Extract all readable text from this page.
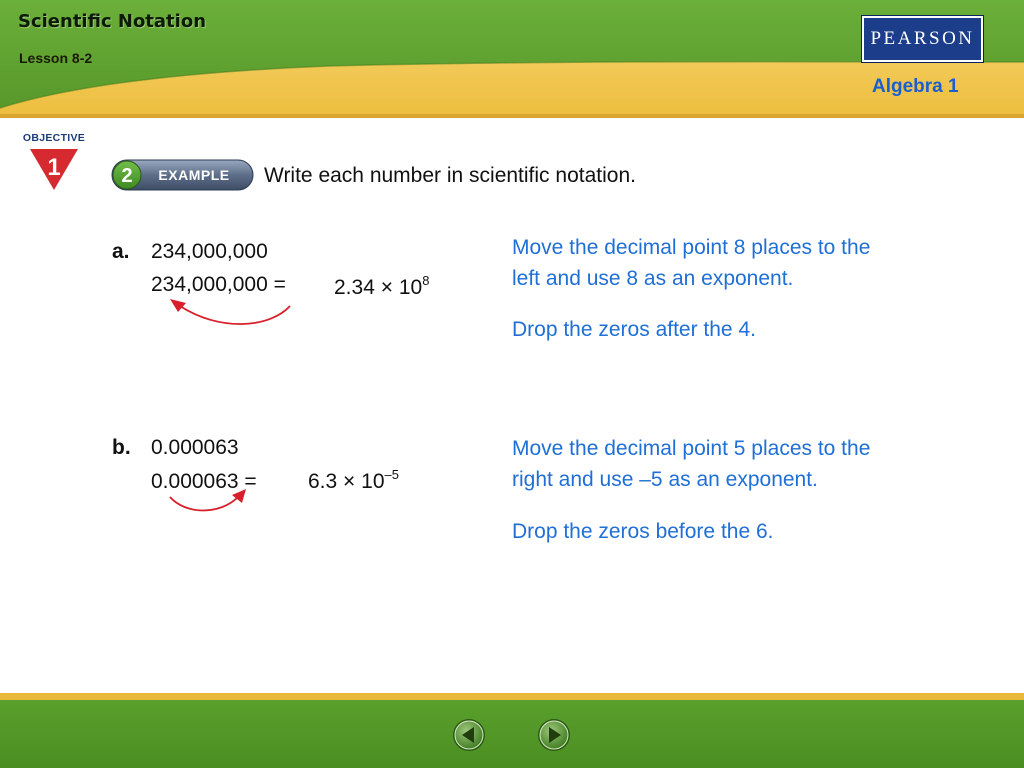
Scientific Notation
Lesson 8-2
PEARSON
Algebra 1
OBJECTIVE
1	2 EXAMPLE Write each number in scientific notation.
a. 234,000,000
$234,000,000 = 2.34 \times 10^8$
Move the decimal point 8 places to the
left and use 8 as an exponent.
Drop the zeros after the 4.
b. 0.000063
$0.000063 = 6.3 \times 10^{-5}$
Move the decimal point 5 places to the
right and use –5 as an exponent.
Drop the zeros before the 6.
